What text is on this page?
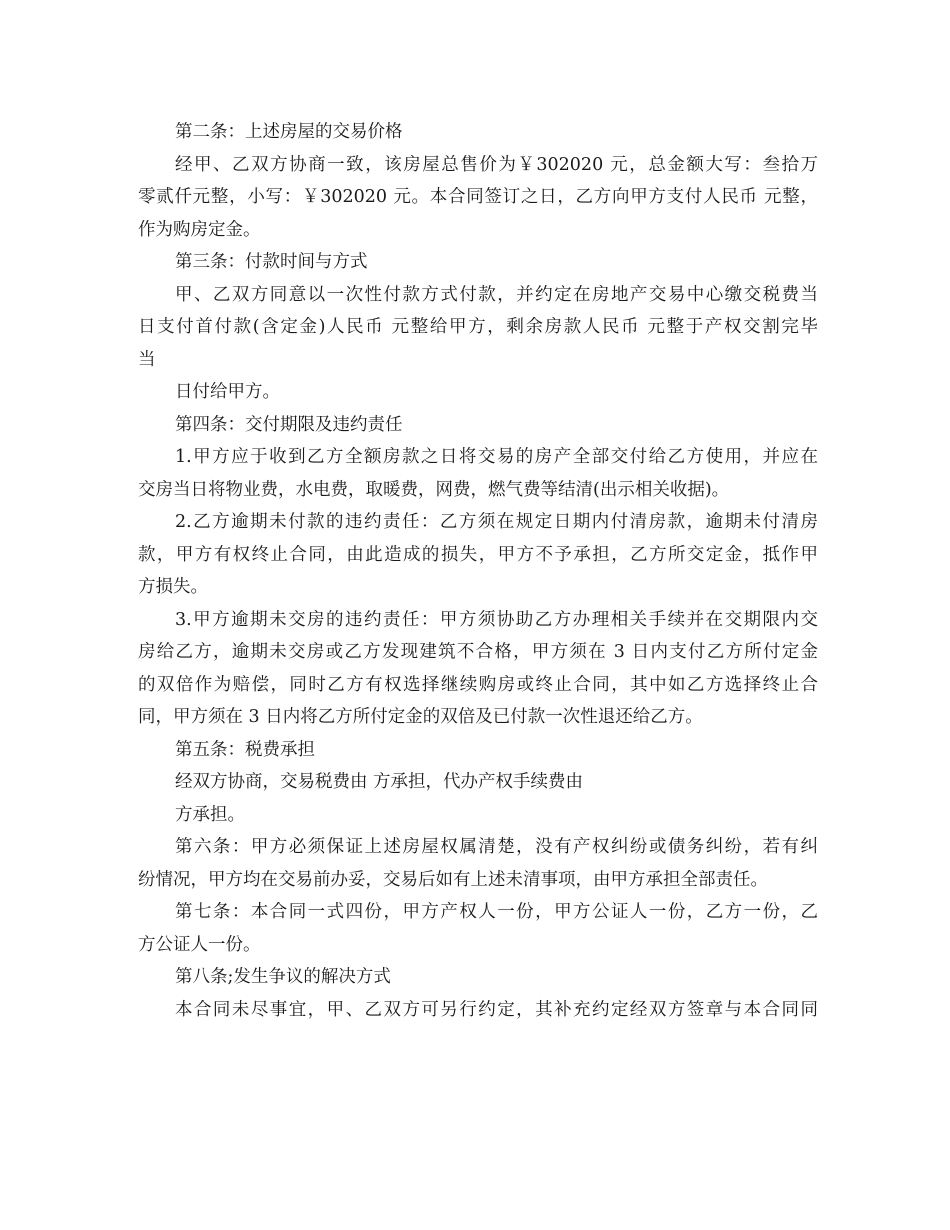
第二条：上述房屋的交易价格
经甲、乙双方协商一致，该房屋总售价为￥302020 元，总金额大写：叁拾万
零贰仟元整，小写：￥302020 元。本合同签订之日，乙方向甲方支付人民币 元整，
作为购房定金。
第三条：付款时间与方式
甲、乙双方同意以一次性付款方式付款，并约定在房地产交易中心缴交税费当
日支付首付款(含定金)人民币 元整给甲方，剩余房款人民币 元整于产权交割完毕
当
日付给甲方。
第四条：交付期限及违约责任
1.甲方应于收到乙方全额房款之日将交易的房产全部交付给乙方使用，并应在
交房当日将物业费，水电费，取暖费，网费，燃气费等结清(出示相关收据)。
2.乙方逾期未付款的违约责任：乙方须在规定日期内付清房款，逾期未付清房
款，甲方有权终止合同，由此造成的损失，甲方不予承担，乙方所交定金，抵作甲
方损失。
3.甲方逾期未交房的违约责任：甲方须协助乙方办理相关手续并在交期限内交
房给乙方，逾期未交房或乙方发现建筑不合格，甲方须在 3 日内支付乙方所付定金
的双倍作为赔偿，同时乙方有权选择继续购房或终止合同，其中如乙方选择终止合
同，甲方须在 3 日内将乙方所付定金的双倍及已付款一次性退还给乙方。
第五条：税费承担
经双方协商，交易税费由 方承担，代办产权手续费由
方承担。
第六条：甲方必须保证上述房屋权属清楚，没有产权纠纷或债务纠纷，若有纠
纷情况，甲方均在交易前办妥，交易后如有上述未清事项，由甲方承担全部责任。
第七条：本合同一式四份，甲方产权人一份，甲方公证人一份，乙方一份，乙
方公证人一份。
第八条;发生争议的解决方式
本合同未尽事宜，甲、乙双方可另行约定，其补充约定经双方签章与本合同同
